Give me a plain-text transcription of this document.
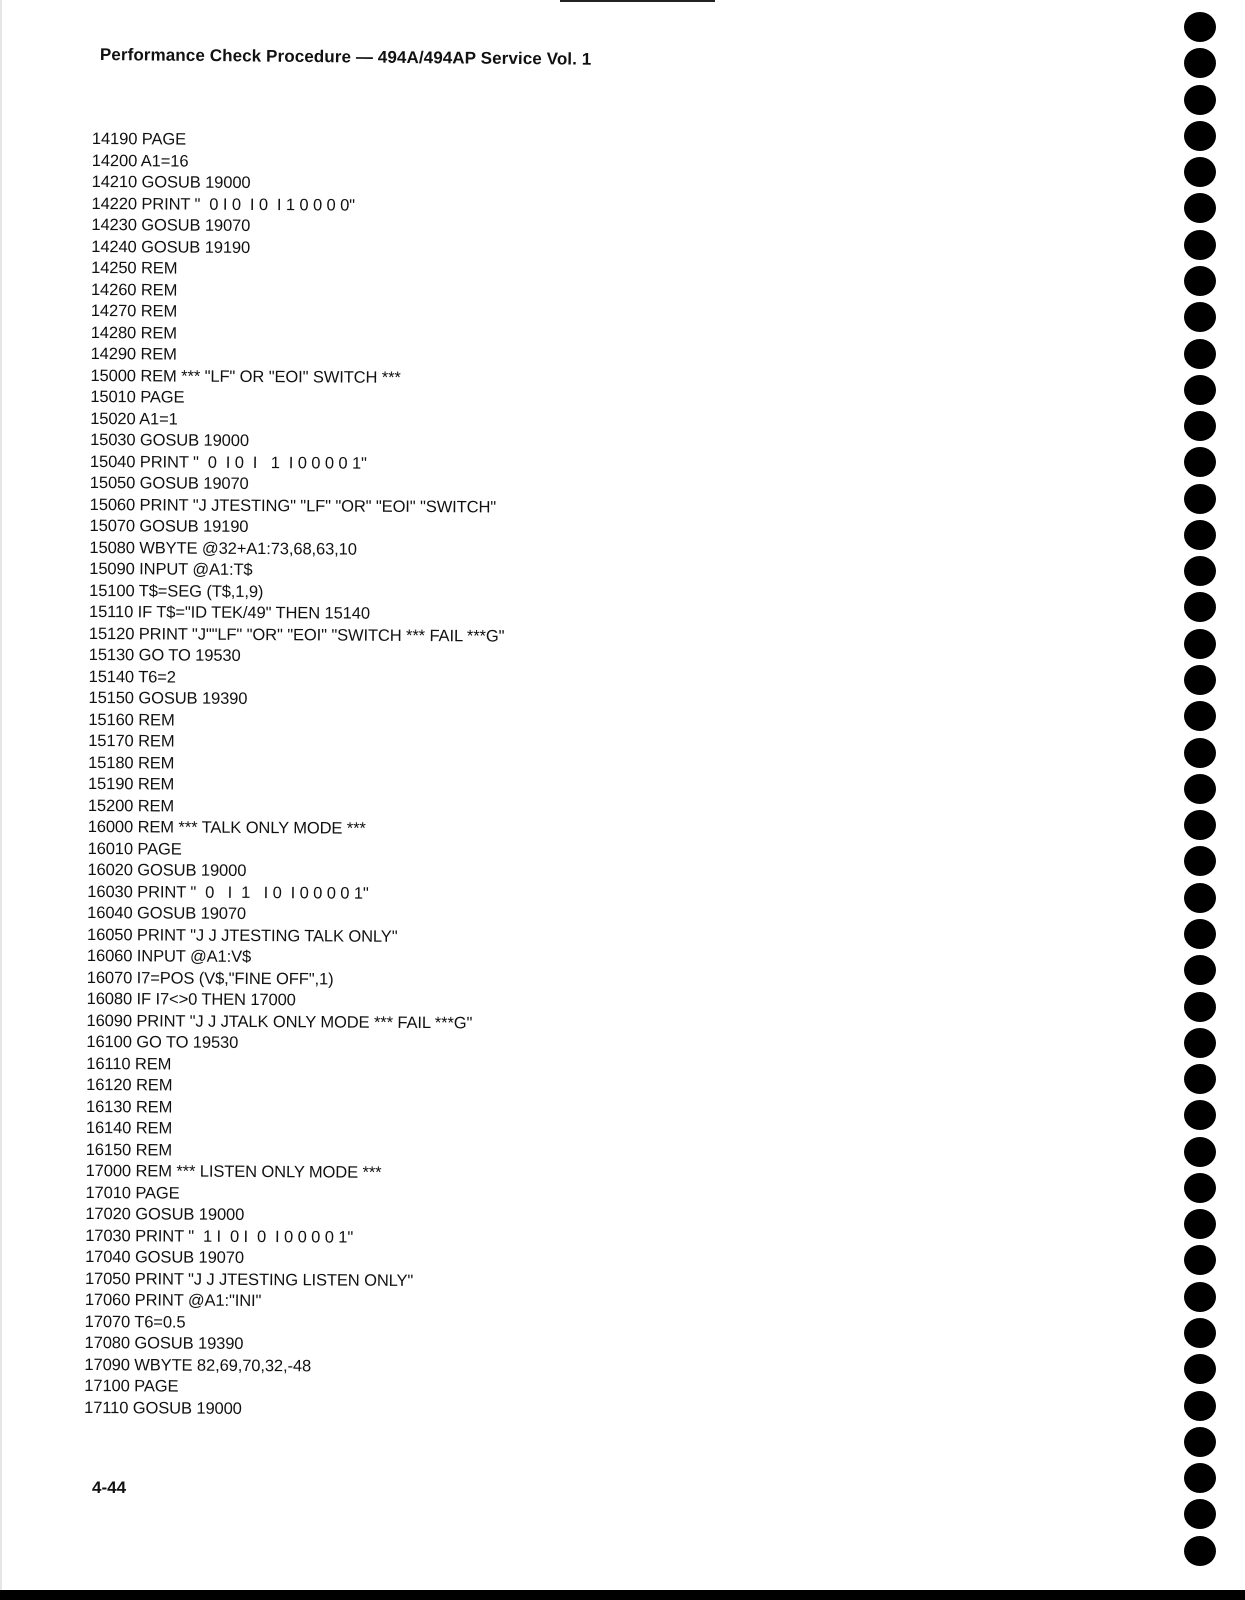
Performance Check Procedure — 494A/494AP Service Vol. 1
14190 PAGE
14200 A1=16
14210 GOSUB 19000
14220 PRINT "  0 I 0  I 0  I 1 0 0 0 0"
14230 GOSUB 19070
14240 GOSUB 19190
14250 REM
14260 REM
14270 REM
14280 REM
14290 REM
15000 REM *** "LF" OR "EOI" SWITCH ***
15010 PAGE
15020 A1=1
15030 GOSUB 19000
15040 PRINT "  0  I 0  I   1  I 0 0 0 0 1"
15050 GOSUB 19070
15060 PRINT "J JTESTING" "LF" "OR" "EOI" "SWITCH"
15070 GOSUB 19190
15080 WBYTE @32+A1:73,68,63,10
15090 INPUT @A1:T$
15100 T$=SEG (T$,1,9)
15110 IF T$="ID TEK/49" THEN 15140
15120 PRINT "J""LF" "OR" "EOI" "SWITCH *** FAIL ***G"
15130 GO TO 19530
15140 T6=2
15150 GOSUB 19390
15160 REM
15170 REM
15180 REM
15190 REM
15200 REM
16000 REM *** TALK ONLY MODE ***
16010 PAGE
16020 GOSUB 19000
16030 PRINT "  0   I  1   I 0  I 0 0 0 0 1"
16040 GOSUB 19070
16050 PRINT "J J JTESTING TALK ONLY"
16060 INPUT @A1:V$
16070 I7=POS (V$,"FINE OFF",1)
16080 IF I7<>0 THEN 17000
16090 PRINT "J J JTALK ONLY MODE *** FAIL ***G"
16100 GO TO 19530
16110 REM
16120 REM
16130 REM
16140 REM
16150 REM
17000 REM *** LISTEN ONLY MODE ***
17010 PAGE
17020 GOSUB 19000
17030 PRINT "  1 I  0 I  0  I 0 0 0 0 1"
17040 GOSUB 19070
17050 PRINT "J J JTESTING LISTEN ONLY"
17060 PRINT @A1:"INI"
17070 T6=0.5
17080 GOSUB 19390
17090 WBYTE 82,69,70,32,-48
17100 PAGE
17110 GOSUB 19000
4-44
